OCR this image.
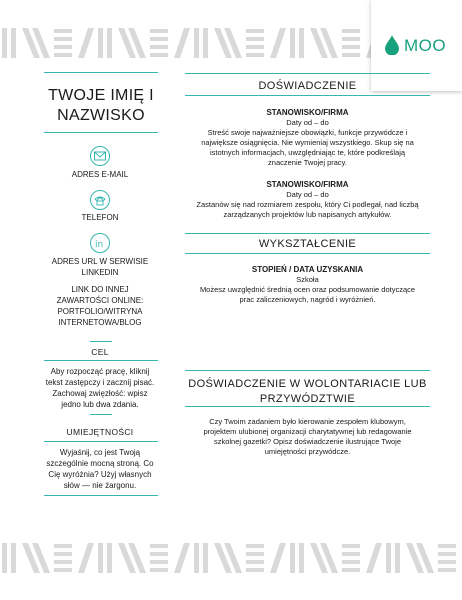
MOO
TWOJE IMIĘ I
NAZWISKO
ADRES E-MAIL
TELEFON
in
ADRES URL W SERWISIE
LINKEDIN
LINK DO INNEJ
ZAWARTOŚCI ONLINE:
PORTFOLIO/WITRYNA
INTERNETOWA/BLOG
CEL
Aby rozpocząć pracę, kliknij
tekst zastępczy i zacznij pisać.
Zachowaj zwięzłość: wpisz
jedno lub dwa zdania.
UMIEJĘTNOŚCI
Wyjaśnij, co jest Twoją
szczególnie mocną stroną. Co
Cię wyróżnia? Użyj własnych
słów — nie żargonu.
DOŚWIADCZENIE
STANOWISKO/FIRMA
Daty od – do
Streść swoje najważniejsze obowiązki, funkcje przywódcze i
największe osiągnięcia. Nie wymieniaj wszystkiego. Skup się na
istotnych informacjach, uwzględniając te, które podkreślają
znaczenie Twojej pracy.
STANOWISKO/FIRMA
Daty od – do
Zastanów się nad rozmiarem zespołu, który Ci podlegał, nad liczbą
zarządzanych projektów lub napisanych artykułów.
WYKSZTAŁCENIE
STOPIEŃ / DATA UZYSKANIA
Szkoła
Możesz uwzględnić średnią ocen oraz podsumowanie dotyczące
prac zaliczeniowych, nagród i wyróżnień.
DOŚWIADCZENIE W WOLONTARIACIE LUB
PRZYWÓDZTWIE
Czy Twoim zadaniem było kierowanie zespołem klubowym,
projektem ulubionej organizacji charytatywnej lub redagowanie
szkolnej gazetki? Opisz doświadczenie ilustrujące Twoje
umiejętności przywódcze.
